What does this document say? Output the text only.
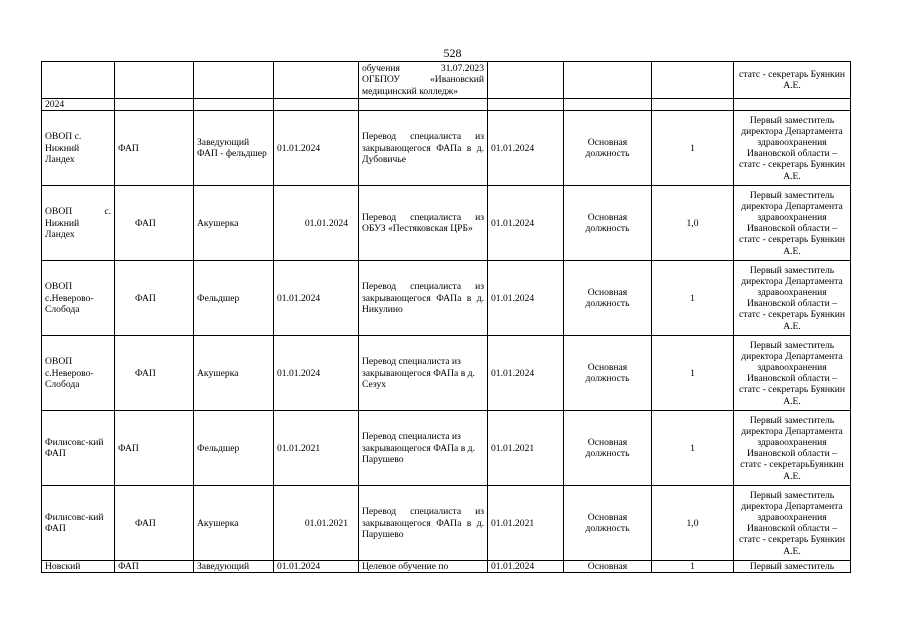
528
				обучения 31.07.2023 ОГБПОУ «Ивановский медицинский колледж»				статс - секретарь Буянкин А.Е.
2024								
ОВОП с. Нижний Ландех	ФАП	Заведующий ФАП - фельдшер	01.01.2024	Перевод специалиста из закрывающегося ФАПа в д. Дубовичье	01.01.2024	Основная должность	1	Первый заместитель директора Департамента здравоохранения Ивановской области – статс - секретарь Буянкин А.Е.
ОВОП с. Нижний Ландех	ФАП	Акушерка	01.01.2024	Перевод специалиста из ОБУЗ «Пестяковская ЦРБ»	01.01.2024	Основная должность	1,0	Первый заместитель директора Департамента здравоохранения Ивановской области – статс - секретарь Буянкин А.Е.
ОВОП с.Неверово-Слобода	ФАП	Фельдшер	01.01.2024	Перевод специалиста из закрывающегося ФАПа в д. Никулино	01.01.2024	Основная должность	1	Первый заместитель директора Департамента здравоохранения Ивановской области – статс - секретарь Буянкин А.Е.
ОВОП с.Неверово-Слобода	ФАП	Акушерка	01.01.2024	Перевод специалиста из закрывающегося ФАПа в д. Сезух	01.01.2024	Основная должность	1	Первый заместитель директора Департамента здравоохранения Ивановской области – статс - секретарь Буянкин А.Е.
Филисовс-кий ФАП	ФАП	Фельдшер	01.01.2021	Перевод специалиста из закрывающегося ФАПа в д. Парушево	01.01.2021	Основная должность	1	Первый заместитель директора Департамента здравоохранения Ивановской области – статс - секретарьБуянкин А.Е.
Филисовс-кий ФАП	ФАП	Акушерка	01.01.2021	Перевод специалиста из закрывающегося ФАПа в д. Парушево	01.01.2021	Основная должность	1,0	Первый заместитель директора Департамента здравоохранения Ивановской области – статс - секретарь Буянкин А.Е.
Новский	ФАП	Заведующий	01.01.2024	Целевое обучение по	01.01.2024	Основная	1	Первый заместитель
